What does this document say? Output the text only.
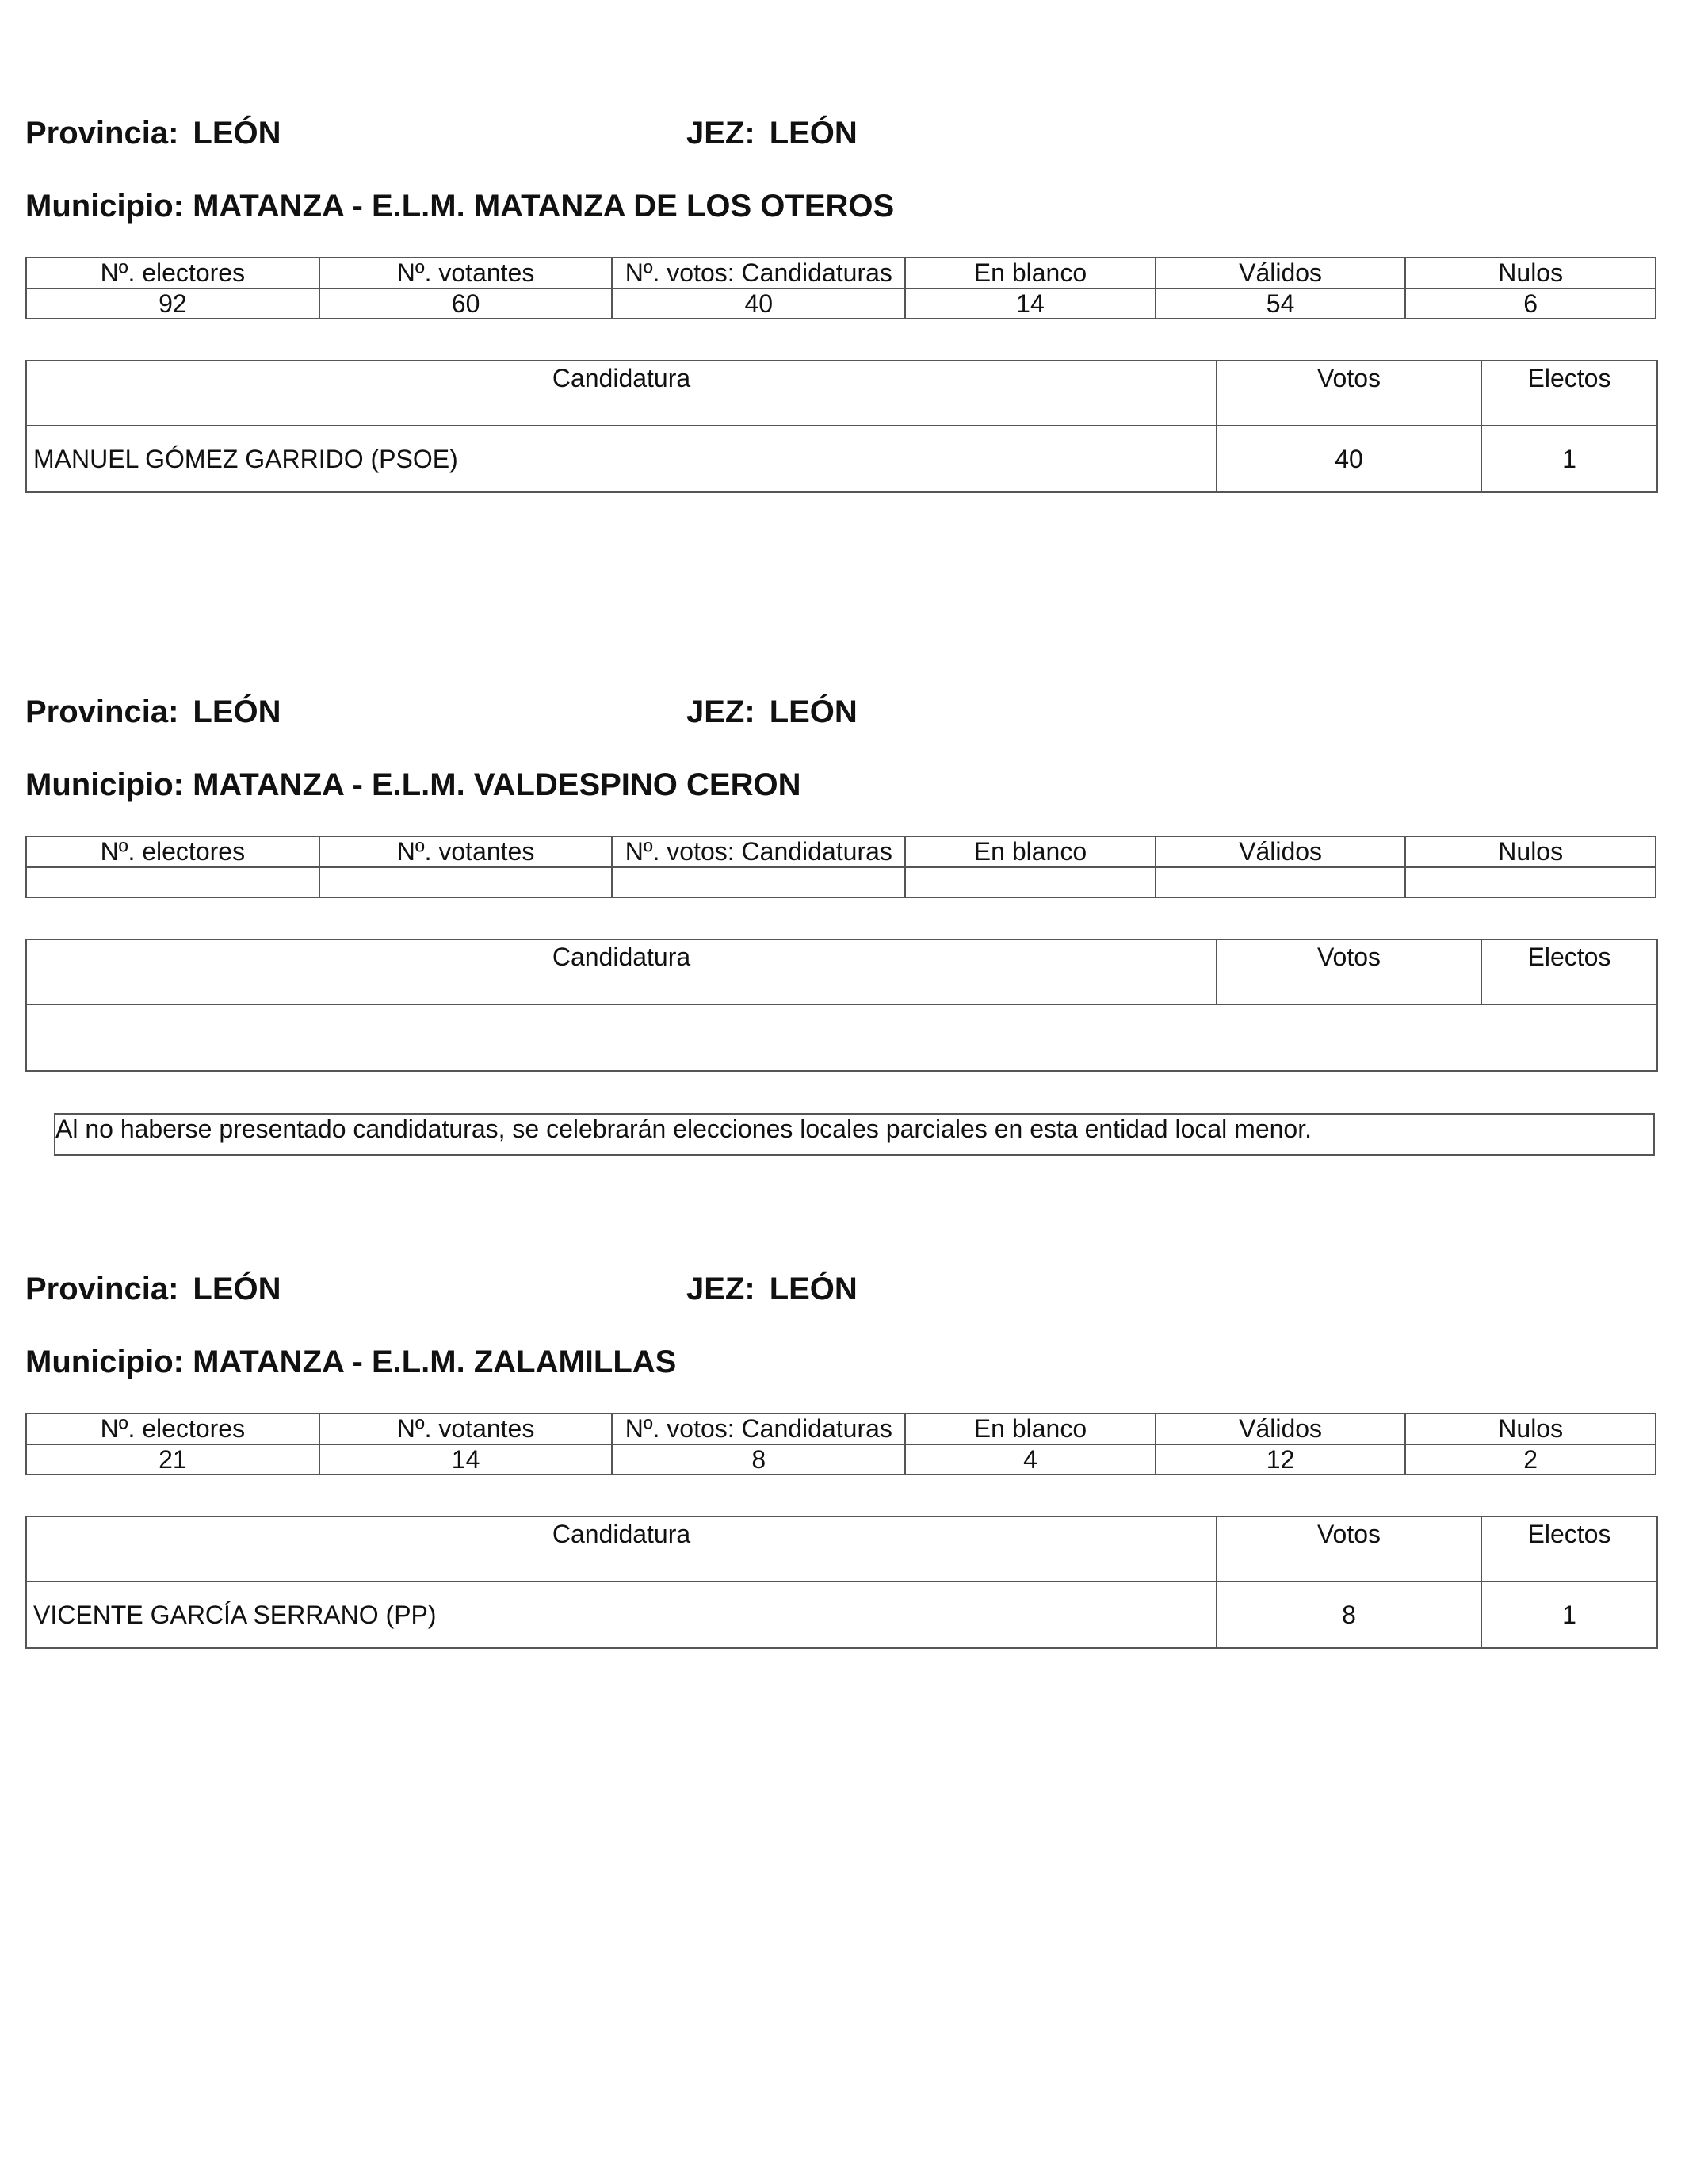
Provincia: LEÓN	JEZ: LEÓN
Municipio: MATANZA - E.L.M. MATANZA DE LOS OTEROS
Nº. electores	Nº. votantes	Nº. votos: Candidaturas	En blanco	Válidos	Nulos
92	60	40	14	54	6
Candidatura	Votos	Electos
MANUEL GÓMEZ GARRIDO (PSOE)	40	1
Provincia: LEÓN	JEZ: LEÓN
Municipio: MATANZA - E.L.M. VALDESPINO CERON
Nº. electores	Nº. votantes	Nº. votos: Candidaturas	En blanco	Válidos	Nulos

Candidatura	Votos	Electos

Al no haberse presentado candidaturas, se celebrarán elecciones locales parciales en esta entidad local menor.
Provincia: LEÓN	JEZ: LEÓN
Municipio: MATANZA - E.L.M. ZALAMILLAS
Nº. electores	Nº. votantes	Nº. votos: Candidaturas	En blanco	Válidos	Nulos
21	14	8	4	12	2
Candidatura	Votos	Electos
VICENTE GARCÍA SERRANO (PP)	8	1
